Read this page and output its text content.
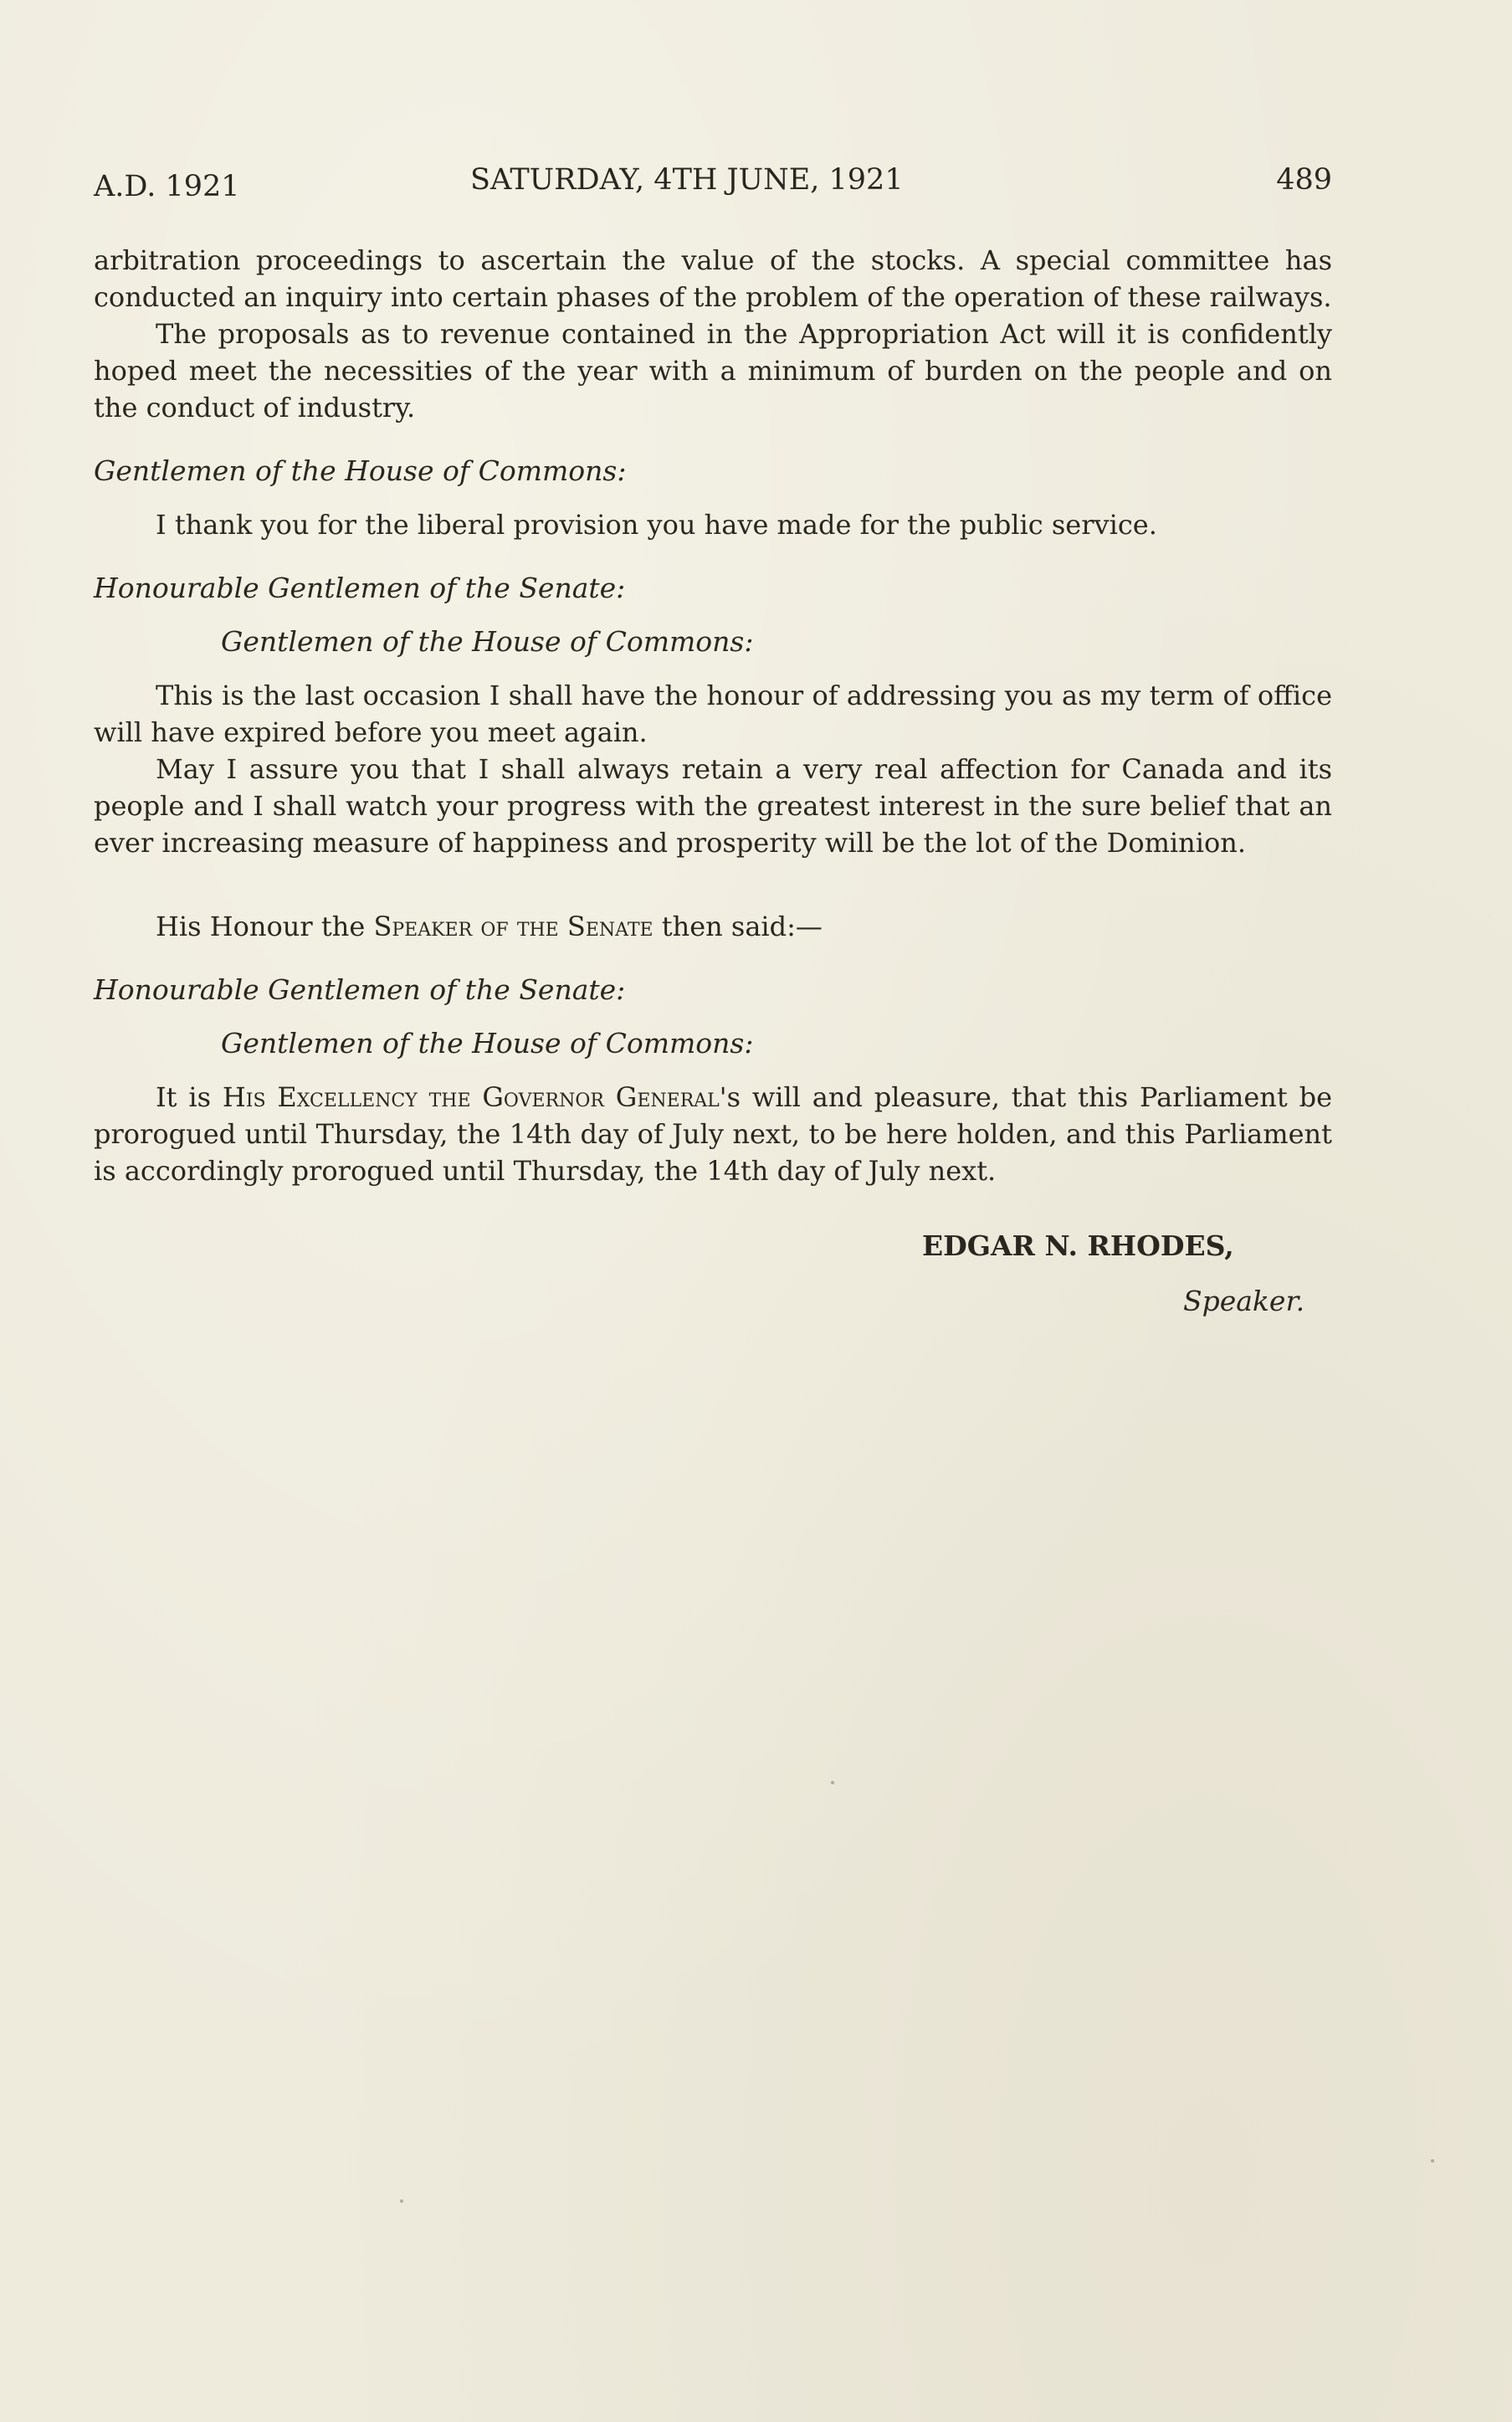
A.D. 1921	SATURDAY, 4TH JUNE, 1921	489

arbitration proceedings to ascertain the value of the stocks. A special committee has conducted an inquiry into certain phases of the problem of the operation of these railways.

The proposals as to revenue contained in the Appropriation Act will it is confidently hoped meet the necessities of the year with a minimum of burden on the people and on the conduct of industry.

Gentlemen of the House of Commons:

I thank you for the liberal provision you have made for the public service.

Honourable Gentlemen of the Senate:
Gentlemen of the House of Commons:

This is the last occasion I shall have the honour of addressing you as my term of office will have expired before you meet again.

May I assure you that I shall always retain a very real affection for Canada and its people and I shall watch your progress with the greatest interest in the sure belief that an ever increasing measure of happiness and prosperity will be the lot of the Dominion.

His Honour the Speaker of the Senate then said:—

Honourable Gentlemen of the Senate:
Gentlemen of the House of Commons:

It is His Excellency the Governor General's will and pleasure, that this Parliament be prorogued until Thursday, the 14th day of July next, to be here holden, and this Parliament is accordingly prorogued until Thursday, the 14th day of July next.

EDGAR N. RHODES,
Speaker.
